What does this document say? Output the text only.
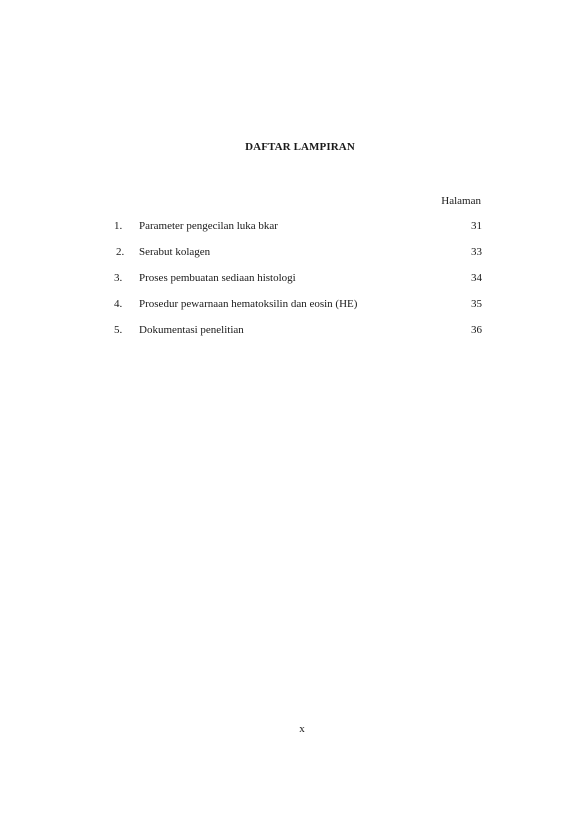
DAFTAR LAMPIRAN
Halaman
1. Parameter pengecilan luka bkar	31
2. Serabut kolagen	33
3. Proses pembuatan sediaan histologi	34
4. Prosedur pewarnaan hematoksilin dan eosin (HE)	35
5. Dokumentasi penelitian	36
x
